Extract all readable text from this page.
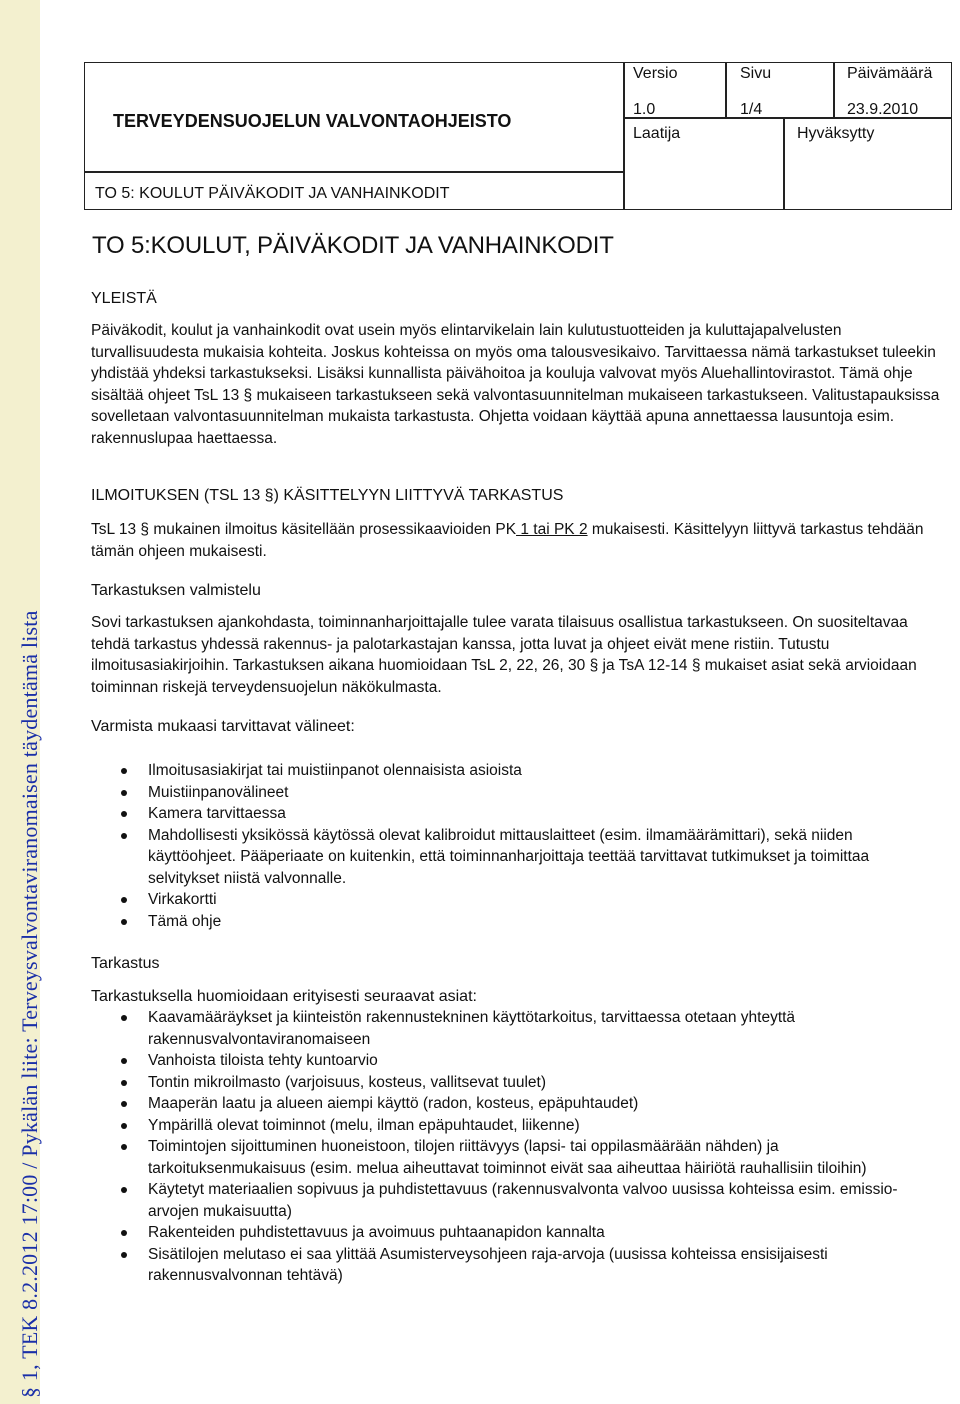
§ 1, TEK 8.2.2012 17:00 / Pykälän liite: Terveysvalvontaviranomaisen täydentämä lista
TERVEYDENSUOJELUN VALVONTAOHJEISTO
Versio
1.0
Sivu
1/4
Päivämäärä
23.9.2010
Laatija	Hyväksytty
TO 5: KOULUT PÄIVÄKODIT JA VANHAINKODIT
TO 5:KOULUT, PÄIVÄKODIT JA VANHAINKODIT
YLEISTÄ
Päiväkodit, koulut ja vanhainkodit ovat usein myös elintarvikelain lain kulutustuotteiden ja kuluttajapalvelusten turvallisuudesta mukaisia kohteita. Joskus kohteissa on myös oma talousvesikaivo. Tarvittaessa nämä tarkastukset tuleekin yhdistää yhdeksi tarkastukseksi. Lisäksi kunnallista päivähoitoa ja kouluja valvovat myös Aluehallintovirastot. Tämä ohje sisältää ohjeet TsL 13 § mukaiseen tarkastukseen sekä valvontasuunnitelman mukaiseen tarkastukseen. Valitustapauksissa sovelletaan valvontasuunnitelman mukaista tarkastusta. Ohjetta voidaan käyttää apuna annettaessa lausuntoja esim. rakennuslupaa haettaessa.
ILMOITUKSEN (TSL 13 §) KÄSITTELYYN LIITTYVÄ TARKASTUS
TsL 13 § mukainen ilmoitus käsitellään prosessikaavioiden PK 1 tai PK 2 mukaisesti. Käsittelyyn liittyvä tarkastus tehdään tämän ohjeen mukaisesti.
Tarkastuksen valmistelu
Sovi tarkastuksen ajankohdasta, toiminnanharjoittajalle tulee varata tilaisuus osallistua tarkastukseen. On suositeltavaa tehdä tarkastus yhdessä rakennus- ja palotarkastajan kanssa, jotta luvat ja ohjeet eivät mene ristiin. Tutustu ilmoitusasiakirjoihin. Tarkastuksen aikana huomioidaan TsL 2, 22, 26, 30 § ja TsA 12-14 § mukaiset asiat sekä arvioidaan toiminnan riskejä terveydensuojelun näkökulmasta.
Varmista mukaasi tarvittavat välineet:
Ilmoitusasiakirjat tai muistiinpanot olennaisista asioista
Muistiinpanovälineet
Kamera tarvittaessa
Mahdollisesti yksikössä käytössä olevat kalibroidut mittauslaitteet (esim. ilmamäärämittari), sekä niiden käyttöohjeet. Pääperiaate on kuitenkin, että toiminnanharjoittaja teettää tarvittavat tutkimukset ja toimittaa selvitykset niistä valvonnalle.
Virkakortti
Tämä ohje
Tarkastus
Tarkastuksella huomioidaan erityisesti seuraavat asiat:
Kaavamääräykset ja kiinteistön rakennustekninen käyttötarkoitus, tarvittaessa otetaan yhteyttä rakennusvalvontaviranomaiseen
Vanhoista tiloista tehty kuntoarvio
Tontin mikroilmasto (varjoisuus, kosteus, vallitsevat tuulet)
Maaperän laatu ja alueen aiempi käyttö (radon, kosteus, epäpuhtaudet)
Ympärillä olevat toiminnot (melu, ilman epäpuhtaudet, liikenne)
Toimintojen sijoittuminen huoneistoon, tilojen riittävyys (lapsi- tai oppilasmäärään nähden) ja tarkoituksenmukaisuus (esim. melua aiheuttavat toiminnot eivät saa aiheuttaa häiriötä rauhallisiin tiloihin)
Käytetyt materiaalien sopivuus ja puhdistettavuus (rakennusvalvonta valvoo uusissa kohteissa esim. emissio-arvojen mukaisuutta)
Rakenteiden puhdistettavuus ja avoimuus puhtaanapidon kannalta
Sisätilojen melutaso ei saa ylittää Asumisterveysohjeen raja-arvoja (uusissa kohteissa ensisijaisesti rakennusvalvonnan tehtävä)
